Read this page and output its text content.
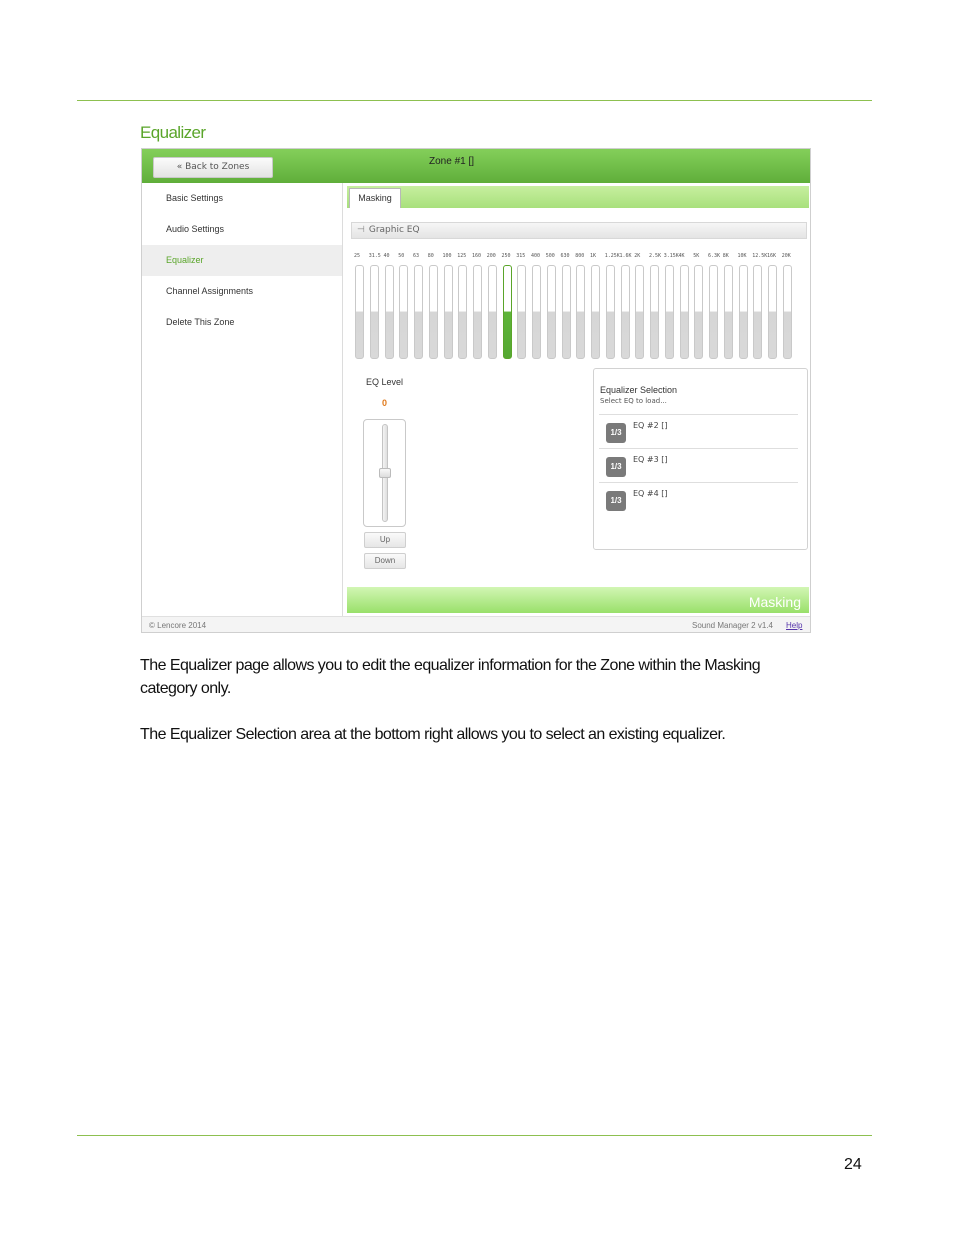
Equalizer
« Back to Zones	Zone #1 []
Basic Settings
Audio Settings
Equalizer
Channel Assignments
Delete This Zone
Masking
⊣ Graphic EQ
25 31.5 40 50 63 80 100 125 160 200 250 315 400 500 630 800 1K 1.25K 1.6K 2K 2.5K 3.15K 4K 5K 6.3K 8K 10K 12.5K 16K 20K
EQ Level
0
Up
Down
Equalizer Selection
Select EQ to load...
1/3
EQ #2 []
1/3
EQ #3 []
1/3
EQ #4 []
Masking
© Lencore 2014	Sound Manager 2 v1.4 Help
The Equalizer page allows you to edit the equalizer information for the Zone within the Masking category only.
The Equalizer Selection area at the bottom right allows you to select an existing equalizer.
24
